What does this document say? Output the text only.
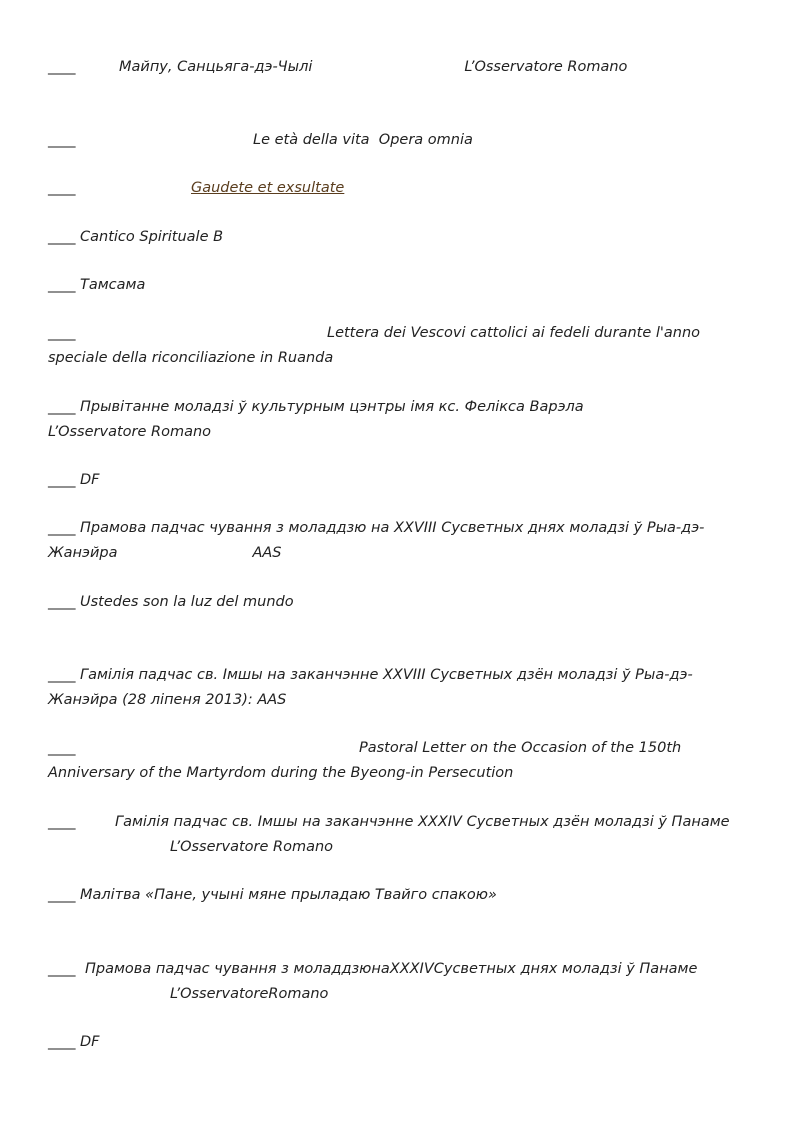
____	Майпу, Санцьяга-дэ-Чылі	L’Osservatore Romano
____	Le età della vita  Opera omnia
____	Gaudete et exsultate
____ Cantico Spirituale B
____ Тамсама
____	Lettera dei Vescovi cattolici ai fedeli durante l'anno
speciale della riconciliazione in Ruanda
____ Прывітанне моладзі ў культурным цэнтры імя кс. Фелікса Варэла
L’Osservatore Romano
____ DF
____ Прамова падчас чування з моладдзю на XXVIII Сусветных днях моладзі ў Рыа-дэ-
Жанэйра	AAS
____ Ustedes son la luz del mundo
____ Гамілія падчас св. Імшы на заканчэнне XXVIII Сусветных дзён моладзі ў Рыа-дэ-
Жанэйра (28 ліпеня 2013): AAS
____	Pastoral Letter on the Occasion of the 150th
Anniversary of the Martyrdom during the Byeong-in Persecution
____	Гамілія падчас св. Імшы на заканчэнне XXXIV Сусветных дзён моладзі ў Панаме
L’Osservatore Romano
____ Малітва «Пане, учыні мяне прыладаю Твайго спакою»
____ Прамова падчас чування з моладдзюнаXXXIVСусветных днях моладзі ў Панаме
L’OsservatoreRomano
____ DF
